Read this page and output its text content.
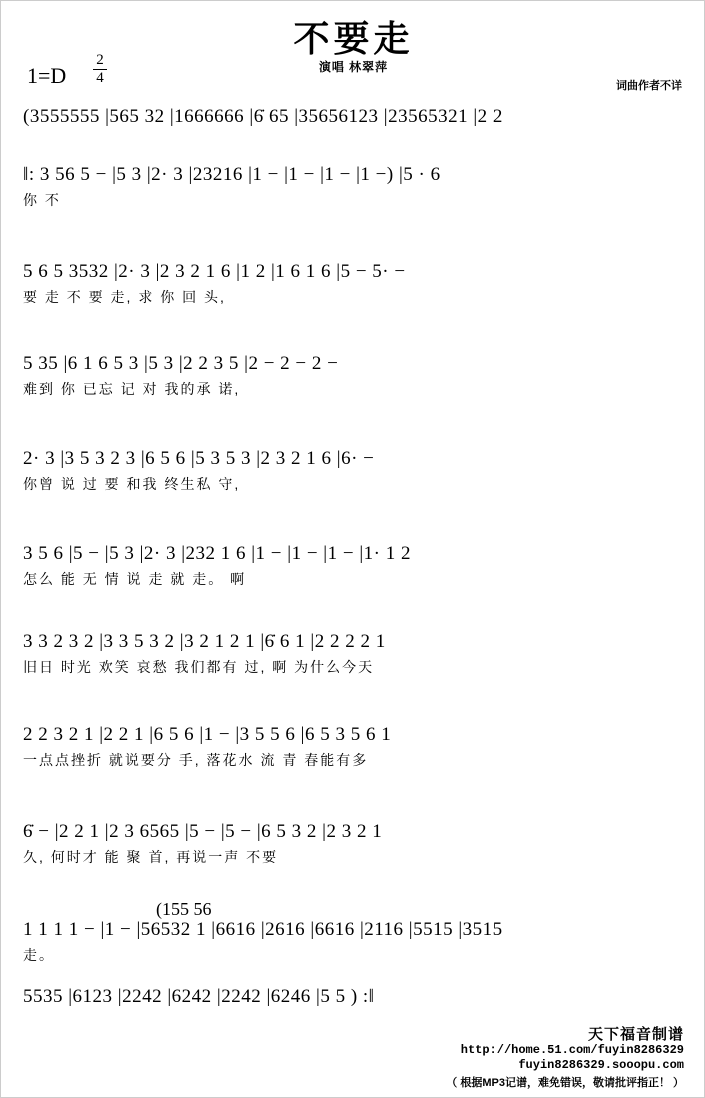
不要走
演唱 林翠萍
1=D
2
4	词曲作者不详
(3555555 |565 32 |1666666 |6̇ 65 |35656123 |23565321 |2 2
‖: 3 56 5 − |5 3 |2· 3 |23216 |1 − |1 − |1 − |1 −) |5 · 6
你 不
5 6 5 3532 |2· 3 |2 3 2 1 6 |1 2 |1 6 1 6 |5 − 5· −
要 走 不 要 走, 求 你 回 头,
5 35 |6 1 6 5 3 |5 3 |2 2 3 5 |2 − 2 − 2 −
难到 你 已忘 记 对 我的承 诺,
2· 3 |3 5 3 2 3 |6 5 6 |5 3 5 3 |2 3 2 1 6 |6· −
你曾 说 过 要 和我 终生私 守,
3 5 6 |5 − |5 3 |2· 3 |232 1 6 |1 − |1 − |1 − |1· 1 2
怎么 能 无 情 说 走 就 走。 啊
3 3 2 3 2 |3 3 5 3 2 |3 2 1 2 1 |6̇ 6 1 |2 2 2 2 1
旧日 时光 欢笑 哀愁 我们都有 过, 啊 为什么今天
2 2 3 2 1 |2 2 1 |6 5 6 |1 − |3 5 5 6 |6 5 3 5 6 1
一点点挫折 就说要分 手, 落花水 流 青 春能有多
6̇ − |2 2 1 |2 3 6565 |5 − |5 − |6 5 3 2 |2 3 2 1
久, 何时才 能 聚 首, 再说一声 不要
(155 56
1 1 1 1 − |1 − |56532 1 |6616 |2616 |6616 |2116 |5515 |3515
走。
5535 |6123 |2242 |6242 |2242 |6246 |5 5 ) :‖
天下福音制谱
http://home.51.com/fuyin8286329
fuyin8286329.sooopu.com
（ 根据MP3记谱，难免错误，敬请批评指正！ ）
